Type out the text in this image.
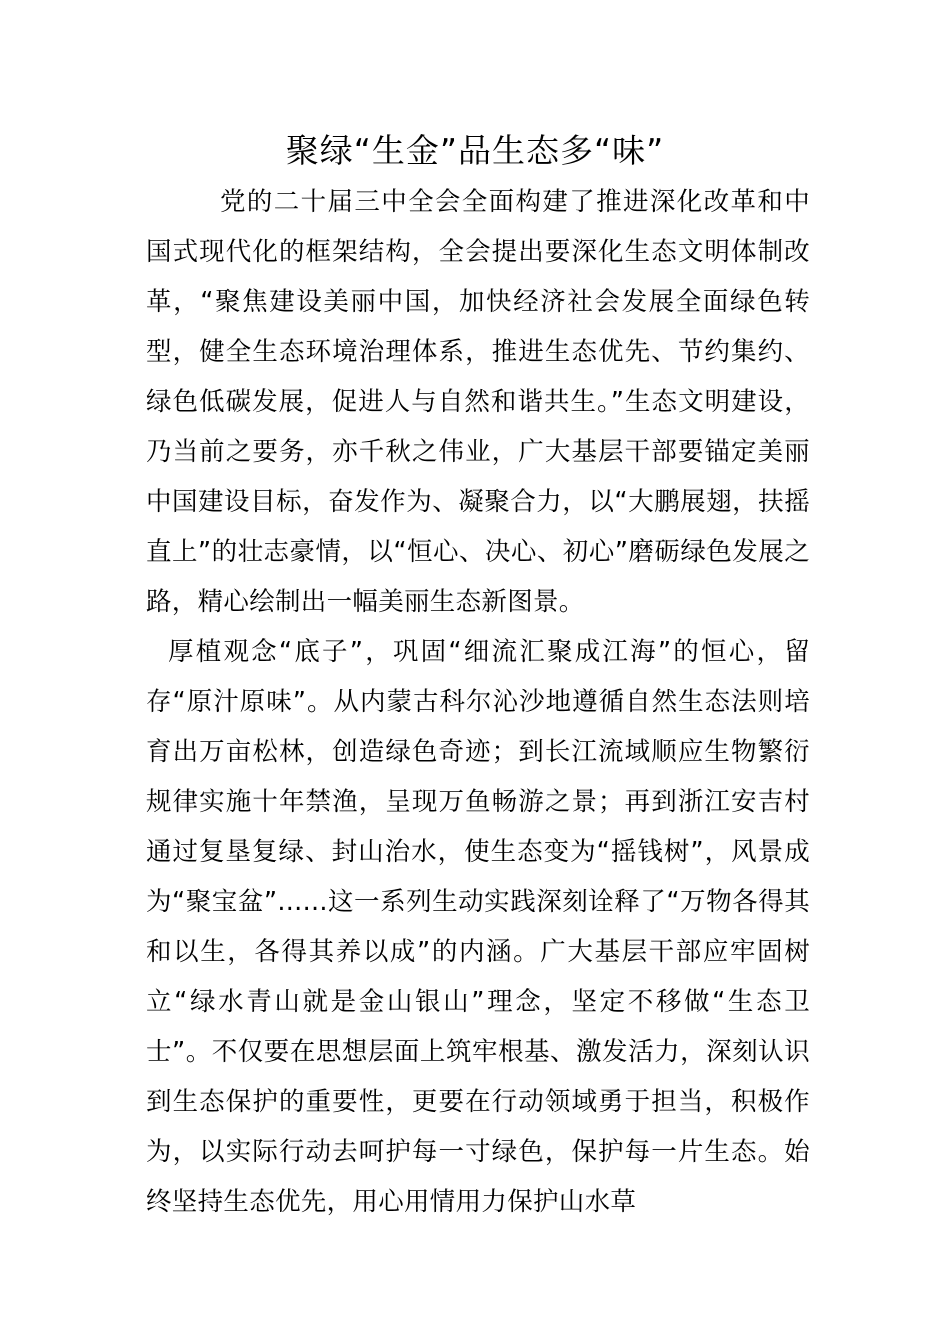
聚绿“生金”品生态多“味”

党的二十届三中全会全面构建了推进深化改革和中国式现代化的框架结构，全会提出要深化生态文明体制改革，“聚焦建设美丽中国，加快经济社会发展全面绿色转型，健全生态环境治理体系，推进生态优先、节约集约、绿色低碳发展，促进人与自然和谐共生。”生态文明建设，乃当前之要务，亦千秋之伟业，广大基层干部要锚定美丽中国建设目标，奋发作为、凝聚合力，以“大鹏展翅，扶摇直上”的壮志豪情，以“恒心、决心、初心”磨砺绿色发展之路，精心绘制出一幅美丽生态新图景。

厚植观念“底子”，巩固“细流汇聚成江海”的恒心，留存“原汁原味”。从内蒙古科尔沁沙地遵循自然生态法则培育出万亩松林，创造绿色奇迹；到长江流域顺应生物繁衍规律实施十年禁渔，呈现万鱼畅游之景；再到浙江安吉村通过复垦复绿、封山治水，使生态变为“摇钱树”，风景成为“聚宝盆”......这一系列生动实践深刻诠释了“万物各得其和以生，各得其养以成”的内涵。广大基层干部应牢固树立“绿水青山就是金山银山”理念，坚定不移做“生态卫士”。不仅要在思想层面上筑牢根基、激发活力，深刻认识到生态保护的重要性，更要在行动领域勇于担当，积极作为，以实际行动去呵护每一寸绿色，保护每一片生态。始终坚持生态优先，用心用情用力保护山水草
